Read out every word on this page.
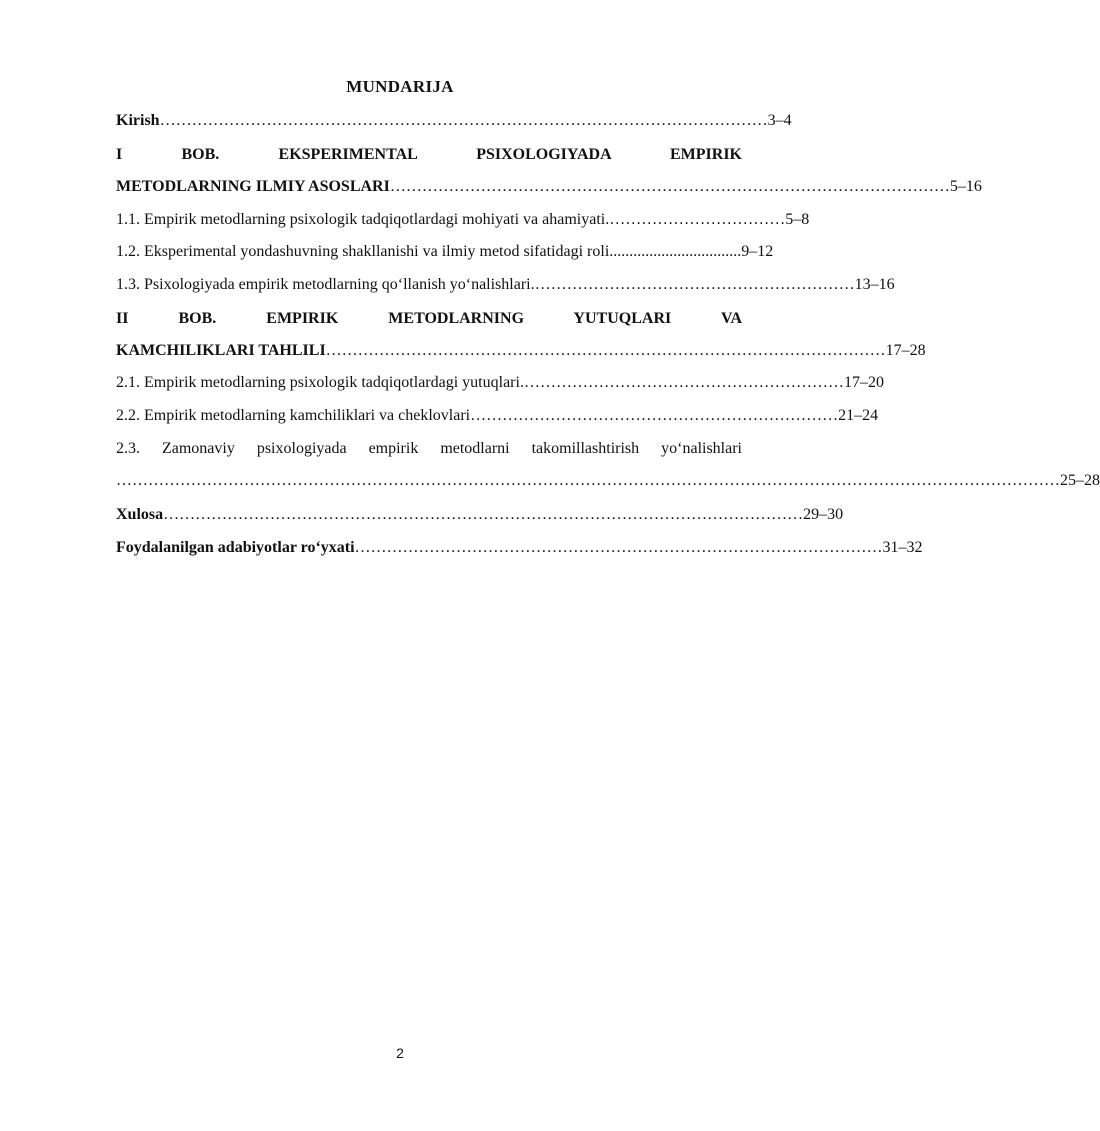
MUNDARIJA
Kirish …………………………………………………………………………………………………… 3–4
I BOB. EKSPERIMENTAL PSIXOLOGIYADA EMPIRIK
METODLARNING ILMIY ASOSLARI …………………………………………………………………………………………… 5–16
1.1. Empirik metodlarning psixologik tadqiqotlardagi mohiyati va ahamiyati. …………………………… 5–8
1.2. Eksperimental yondashuvning shakllanishi va ilmiy metod sifatidagi roli. ................................ 9–12
1.3. Psixologiyada empirik metodlarning qo‘llanish yo‘nalishlari. …………………………………………………… 13–16
II BOB. EMPIRIK METODLARNING YUTUQLARI VA
KAMCHILIKLARI TAHLILI …………………………………………………………………………………………… 17–28
2.1. Empirik metodlarning psixologik tadqiqotlardagi yutuqlari. …………………………………………………… 17–20
2.2. Empirik metodlarning kamchiliklari va cheklovlari …………………………………………………………… 21–24
2.3. Zamonaviy psixologiyada empirik metodlarni takomillashtirish yo‘nalishlari
…………………………………………………………………………………………………………………………………………………………… 25–28
Xulosa ………………………………………………………………………………………………………… 29–30
Foydalanilgan adabiyotlar ro‘yxati ……………………………………………………………………………………… 31–32
2
